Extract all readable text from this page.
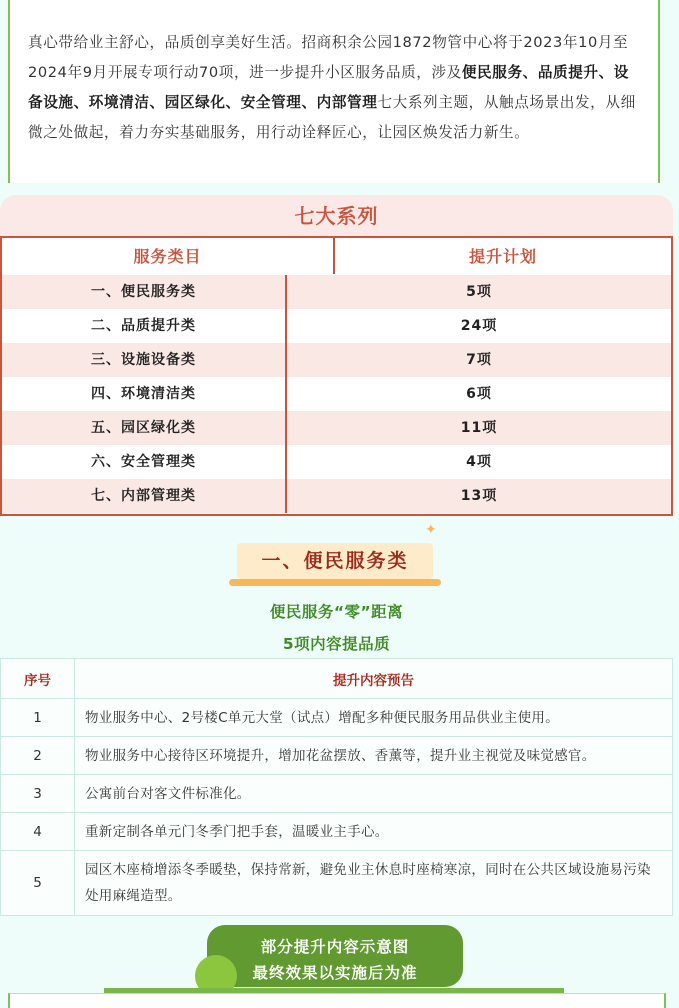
真心带给业主舒心，品质创享美好生活。招商积余公园1872物管中心将于2023年10月至2024年9月开展专项行动70项，进一步提升小区服务品质，涉及便民服务、品质提升、设备设施、环境清洁、园区绿化、安全管理、内部管理七大系列主题，从触点场景出发，从细微之处做起，着力夯实基础服务，用行动诠释匠心，让园区焕发活力新生。

七大系列
服务类目	提升计划
一、便民服务类	5项
二、品质提升类	24项
三、设施设备类	7项
四、环境清洁类	6项
五、园区绿化类	11项
六、安全管理类	4项
七、内部管理类	13项
✦
一、便民服务类
便民服务“零”距离
5项内容提品质
序号	提升内容预告
1	物业服务中心、2号楼C单元大堂（试点）增配多种便民服务用品供业主使用。
2	物业服务中心接待区环境提升，增加花盆摆放、香薰等，提升业主视觉及味觉感官。
3	公寓前台对客文件标准化。
4	重新定制各单元门冬季门把手套，温暖业主手心。
5	园区木座椅增添冬季暖垫，保持常新，避免业主休息时座椅寒凉，同时在公共区域设施易污染处用麻绳造型。
部分提升内容示意图
最终效果以实施后为准
